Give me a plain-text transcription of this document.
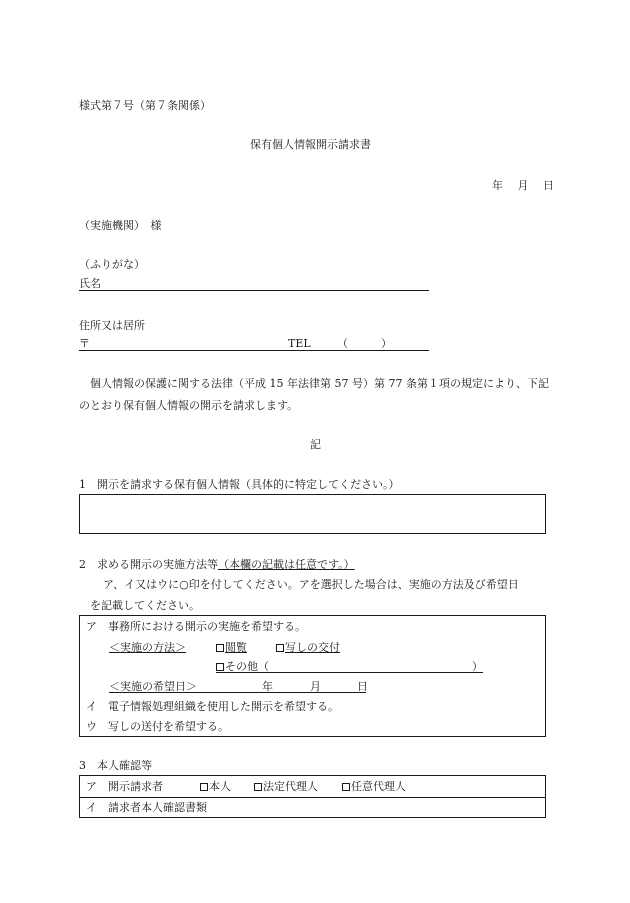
様式第７号（第７条関係）
保有個人情報開示請求書
年　 月　 日
（実施機関）　様
（ふりがな）
氏名
住所又は居所
〒	TEL （　　　）
個人情報の保護に関する法律（平成 15 年法律第 57 号）第 77 条第１項の規定により、下記
のとおり保有個人情報の開示を請求します。
記
1　開示を請求する保有個人情報（具体的に特定してください。）
2　求める開示の実施方法等（本欄の記載は任意です。）
ア、イ又はウに○印を付してください。アを選択した場合は、実施の方法及び希望日
を記載してください。
ア　事務所における開示の実施を希望する。
＜実施の方法＞	閲覧	写しの交付
その他（	）
＜実施の希望日＞	年	月	日
イ　電子情報処理組織を使用した開示を希望する。
ウ　写しの送付を希望する。
3　本人確認等
ア　開示請求者	本人	法定代理人	任意代理人
イ　請求者本人確認書類
